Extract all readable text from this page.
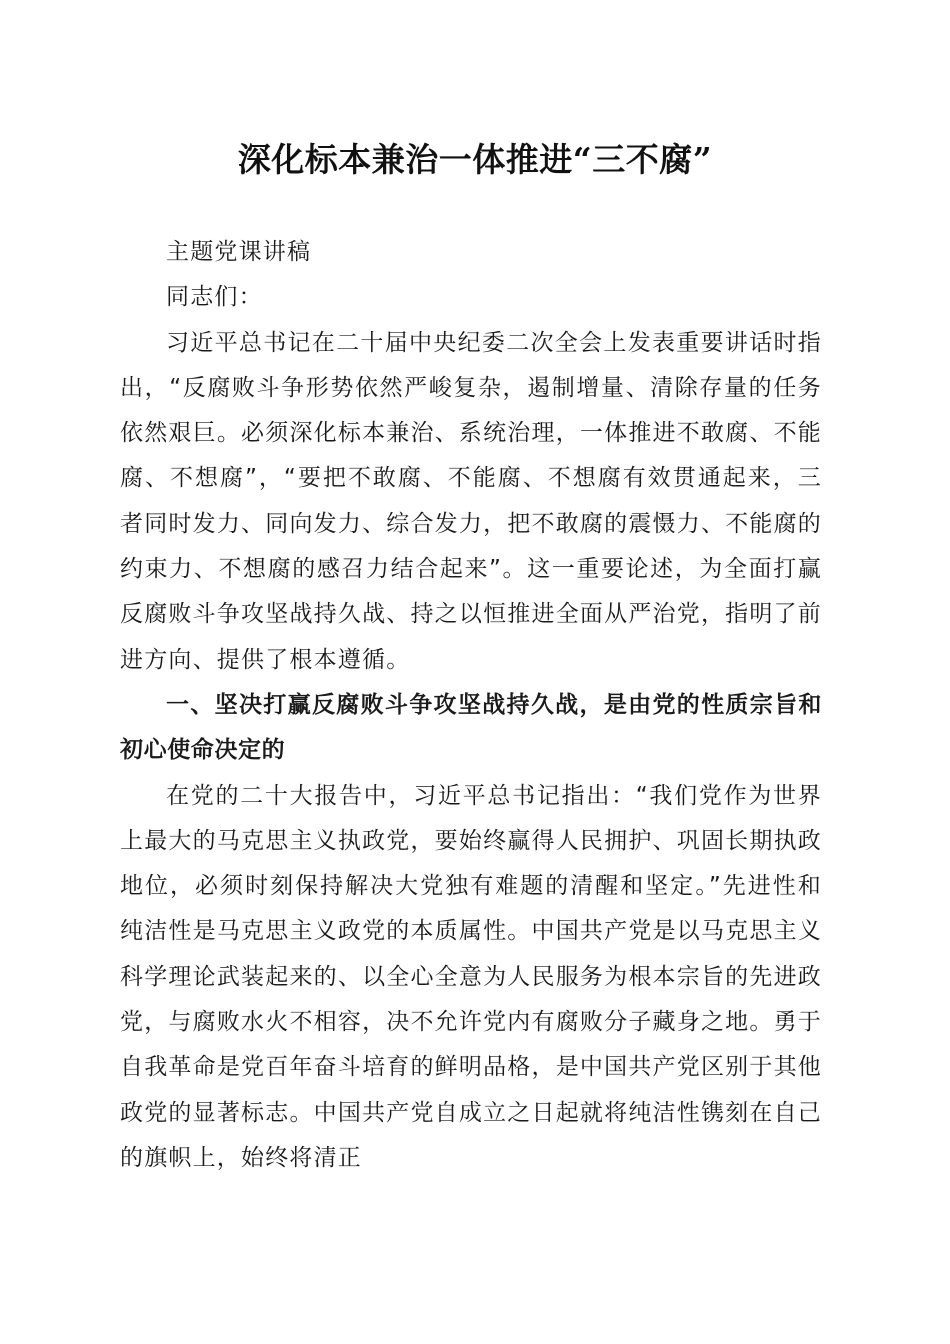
深化标本兼治一体推进“三不腐”

主题党课讲稿

同志们：

习近平总书记在二十届中央纪委二次全会上发表重要讲话时指出，“反腐败斗争形势依然严峻复杂，遏制增量、清除存量的任务依然艰巨。必须深化标本兼治、系统治理，一体推进不敢腐、不能腐、不想腐”，“要把不敢腐、不能腐、不想腐有效贯通起来，三者同时发力、同向发力、综合发力，把不敢腐的震慑力、不能腐的约束力、不想腐的感召力结合起来”。这一重要论述，为全面打赢反腐败斗争攻坚战持久战、持之以恒推进全面从严治党，指明了前进方向、提供了根本遵循。

一、坚决打赢反腐败斗争攻坚战持久战，是由党的性质宗旨和初心使命决定的

在党的二十大报告中，习近平总书记指出：“我们党作为世界上最大的马克思主义执政党，要始终赢得人民拥护、巩固长期执政地位，必须时刻保持解决大党独有难题的清醒和坚定。”先进性和纯洁性是马克思主义政党的本质属性。中国共产党是以马克思主义科学理论武装起来的、以全心全意为人民服务为根本宗旨的先进政党，与腐败水火不相容，决不允许党内有腐败分子藏身之地。勇于自我革命是党百年奋斗培育的鲜明品格，是中国共产党区别于其他政党的显著标志。中国共产党自成立之日起就将纯洁性镌刻在自己的旗帜上，始终将清正
